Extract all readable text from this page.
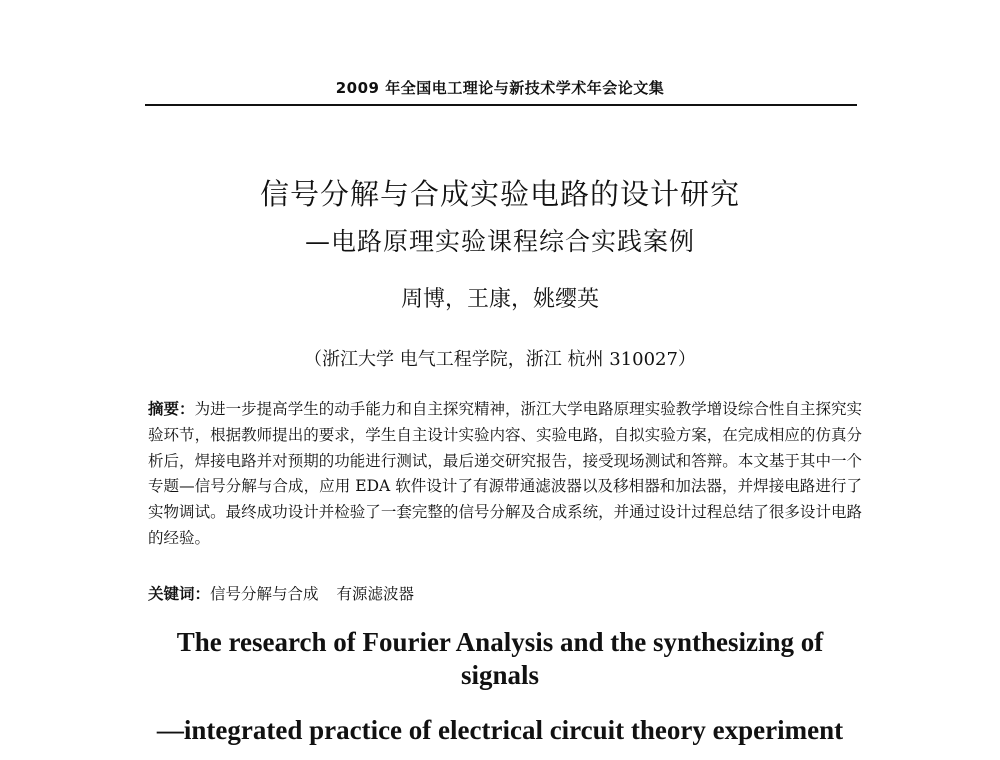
2009 年全国电工理论与新技术学术年会论文集
信号分解与合成实验电路的设计研究
—电路原理实验课程综合实践案例
周博，王康，姚缨英
（浙江大学 电气工程学院，浙江 杭州 310027）
摘要：为进一步提高学生的动手能力和自主探究精神，浙江大学电路原理实验教学增设综合性自主探究实验环节，根据教师提出的要求，学生自主设计实验内容、实验电路，自拟实验方案，在完成相应的仿真分析后，焊接电路并对预期的功能进行测试，最后递交研究报告，接受现场测试和答辩。本文基于其中一个专题—信号分解与合成，应用 EDA 软件设计了有源带通滤波器以及移相器和加法器，并焊接电路进行了实物调试。最终成功设计并检验了一套完整的信号分解及合成系统，并通过设计过程总结了很多设计电路的经验。
关键词：信号分解与合成 有源滤波器
The research of Fourier Analysis and the synthesizing of signals
—integrated practice of electrical circuit theory experiment
